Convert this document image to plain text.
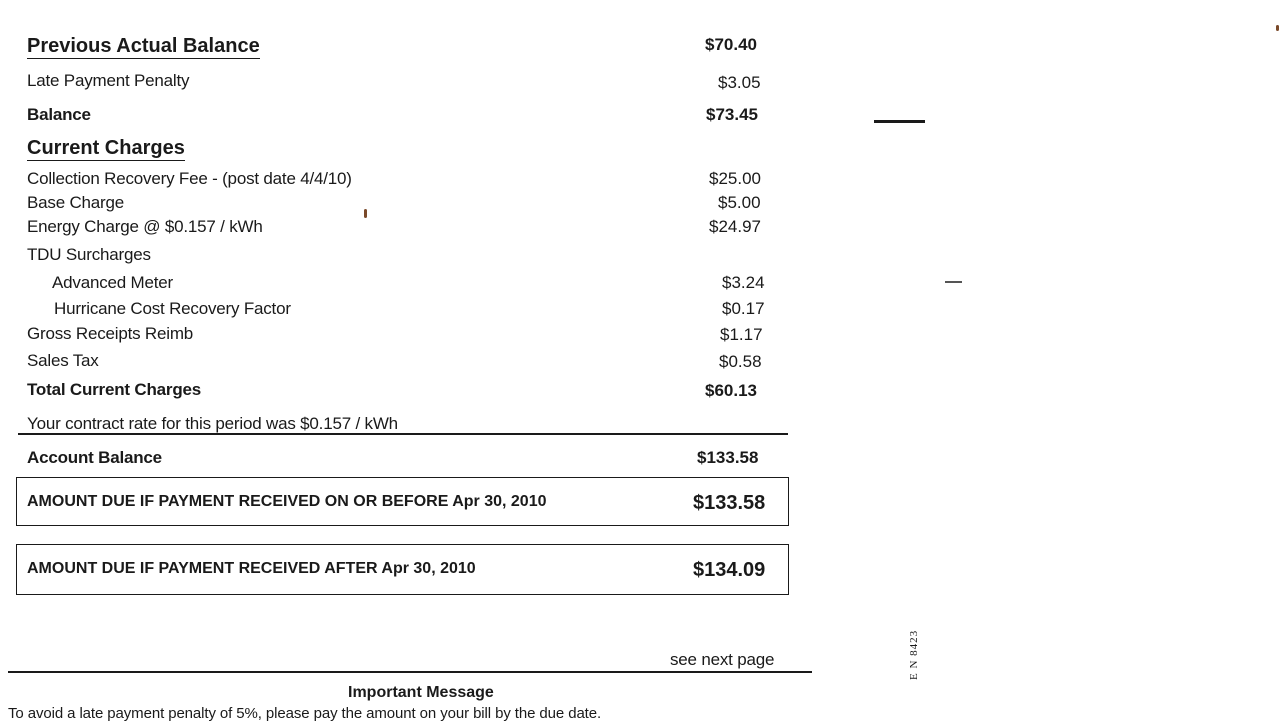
Previous Actual Balance	$70.40
Late Payment Penalty	$3.05
Balance	$73.45
Current Charges
Collection Recovery Fee - (post date 4/4/10)	$25.00
Base Charge	$5.00
Energy Charge @ $0.157 / kWh	$24.97
TDU Surcharges
Advanced Meter	$3.24
Hurricane Cost Recovery Factor	$0.17
Gross Receipts Reimb	$1.17
Sales Tax	$0.58
Total Current Charges	$60.13
Your contract rate for this period was $0.157 / kWh
Account Balance	$133.58
AMOUNT DUE IF PAYMENT RECEIVED ON OR BEFORE Apr 30, 2010	$133.58
AMOUNT DUE IF PAYMENT RECEIVED AFTER Apr 30, 2010	$134.09
E N 8423
see next page
Important Message
To avoid a late payment penalty of 5%, please pay the amount on your bill by the due date.
